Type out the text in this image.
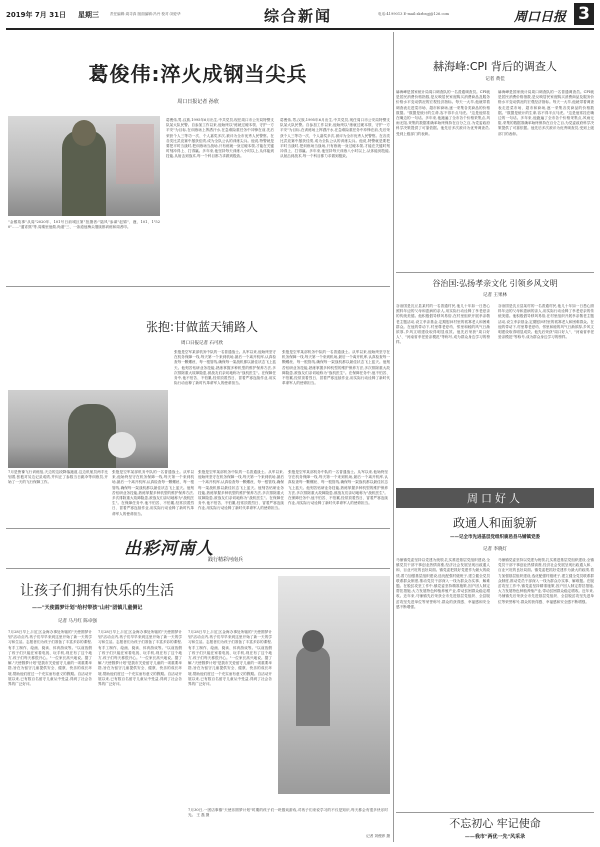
2019年 7月 31日 星期三	责任编辑:周寻真 版面编辑:冯丹 校对:刘爱华	综合新闻	电话:4199013 E-mail:zkrbsgj@126.com	周口日报 3
葛俊伟:淬火成钢当尖兵
周口日报记者 孙欣
"金猴故事"从周"2020年、101号日前城区第"拍摄者:"陆风"参谋"赵锦"、鹿、101、1"520"……"通宵熬"等,周秦里他做,尚道"三、一条道他梅头继续都训练和周者印。
葛俊伟,男,汉族,1995年6月出生,中共党员,现任周口市公安局特警支队某大队民警。自参加工作以来,他始终以"练就过硬本领、守护一方平安"为目标,在训练场上挥洒汗水,在急难险重任务中冲锋在前,先后荣获个人三等功一次、个人嘉奖多次,被评为全市优秀人民警察。在各类比武竞赛中屡获佳绩,成为全队公认的训练尖兵。他说,特警就是要把平时当战时,把训练场当战场,只有练就一身过硬本领,才能在关键时刻冲得上、打得赢。多年来,他坚持每天训练八小时以上,从体能到技能,从射击到战术,每一个科目都力求做到极致。
葛俊伟,男,汉族,1995年6月出生,中共党员,现任周口市公安局特警支队某大队民警。自参加工作以来,他始终以"练就过硬本领、守护一方平安"为目标,在训练场上挥洒汗水,在急难险重任务中冲锋在前,先后荣获个人三等功一次、个人嘉奖多次,被评为全市优秀人民警察。在各类比武竞赛中屡获佳绩,成为全队公认的训练尖兵。他说,特警就是要把平时当战时,把训练场当战场,只有练就一身过硬本领,才能在关键时刻冲得上、打得赢。多年来,他坚持每天训练八小时以上,从体能到技能,从射击到战术,每一个科目都力求做到极致。
张抱:甘做蓝天铺路人
周口日报记者 石可欣
张抱是空军某部机务中队的一名普通战士。从军以来,他始终坚守在机务保障一线,每天第一个来到机场,最后一个离开机库,认真检查每一颗螺丝、每一根管线,确保每一架战机都以最佳状态飞上蓝天。他刻苦钻研业务技能,熟练掌握多种机型的维护保养方法,多次排除重大故障隐患,被战友们亲切地称为"战机医生"。在保障任务中,他不怕苦、不怕累,经常顶着烈日、冒着严寒连续作业,用实际行动诠释了新时代革命军人的使命担当。
张抱是空军某部机务中队的一名普通战士。从军以来,他始终坚守在机务保障一线,每天第一个来到机场,最后一个离开机库,认真检查每一颗螺丝、每一根管线,确保每一架战机都以最佳状态飞上蓝天。他刻苦钻研业务技能,熟练掌握多种机型的维护保养方法,多次排除重大故障隐患,被战友们亲切地称为"战机医生"。在保障任务中,他不怕苦、不怕累,经常顶着烈日、冒着严寒连续作业,用实际行动诠释了新时代革命军人的使命担当。
7月是鲁豫飞行训练组,天边的这段降落跑道,这边机航员两手比划着,张抱对另边记录成绩,并纠正了参数当日跳伞等训练员,开始了一天的飞行保障工作。
张抱是空军某部机务中队的一名普通战士。从军以来,他始终坚守在机务保障一线,每天第一个来到机场,最后一个离开机库,认真检查每一颗螺丝、每一根管线,确保每一架战机都以最佳状态飞上蓝天。他刻苦钻研业务技能,熟练掌握多种机型的维护保养方法,多次排除重大故障隐患,被战友们亲切地称为"战机医生"。在保障任务中,他不怕苦、不怕累,经常顶着烈日、冒着严寒连续作业,用实际行动诠释了新时代革命军人的使命担当。
张抱是空军某部机务中队的一名普通战士。从军以来,他始终坚守在机务保障一线,每天第一个来到机场,最后一个离开机库,认真检查每一颗螺丝、每一根管线,确保每一架战机都以最佳状态飞上蓝天。他刻苦钻研业务技能,熟练掌握多种机型的维护保养方法,多次排除重大故障隐患,被战友们亲切地称为"战机医生"。在保障任务中,他不怕苦、不怕累,经常顶着烈日、冒着严寒连续作业,用实际行动诠释了新时代革命军人的使命担当。
张抱是空军某部机务中队的一名普通战士。从军以来,他始终坚守在机务保障一线,每天第一个来到机场,最后一个离开机库,认真检查每一颗螺丝、每一根管线,确保每一架战机都以最佳状态飞上蓝天。他刻苦钻研业务技能,熟练掌握多种机型的维护保养方法,多次排除重大故障隐患,被战友们亲切地称为"战机医生"。在保障任务中,他不怕苦、不怕累,经常顶着烈日、冒着严寒连续作业,用实际行动诠释了新时代革命军人的使命担当。
出彩河南人
践行精彩河南兵
让孩子们拥有快乐的生活
——"天使圆梦计划"给村带孩"山村"团镇儿童侧记
记者 马月红 陈卓强
7月28日早上,川汇区金海办事处所辖的"天使圆梦计划"活动点内,孩子们早早来到这里开始了新一天的学习和生活。志愿者们为孩子们准备了丰富多彩的课程,有手工制作、绘画、阅读、体育游戏等。"以前放假了孩子们只能在家看电视、玩手机,现在有了这个地方,孩子们每天都很开心。"一位家长高兴地说。据了解,"天使圆梦计划"是我市关爱留守儿童的一项重要举措,旨在为留守儿童提供安全、健康、快乐的成长环境,帮助他们度过一个充实而有意义的假期。自活动开展以来,已有数百名留守儿童从中受益,得到了社会各界的广泛好评。
7月28日早上,川汇区金海办事处所辖的"天使圆梦计划"活动点内,孩子们早早来到这里开始了新一天的学习和生活。志愿者们为孩子们准备了丰富多彩的课程,有手工制作、绘画、阅读、体育游戏等。"以前放假了孩子们只能在家看电视、玩手机,现在有了这个地方,孩子们每天都很开心。"一位家长高兴地说。据了解,"天使圆梦计划"是我市关爱留守儿童的一项重要举措,旨在为留守儿童提供安全、健康、快乐的成长环境,帮助他们度过一个充实而有意义的假期。自活动开展以来,已有数百名留守儿童从中受益,得到了社会各界的广泛好评。
7月28日早上,川汇区金海办事处所辖的"天使圆梦计划"活动点内,孩子们早早来到这里开始了新一天的学习和生活。志愿者们为孩子们准备了丰富多彩的课程,有手工制作、绘画、阅读、体育游戏等。"以前放假了孩子们只能在家看电视、玩手机,现在有了这个地方,孩子们每天都很开心。"一位家长高兴地说。据了解,"天使圆梦计划"是我市关爱留守儿童的一项重要举措,旨在为留守儿童提供安全、健康、快乐的成长环境,帮助他们度过一个充实而有意义的假期。自活动开展以来,已有数百名留守儿童从中受益,得到了社会各界的广泛好评。
7月30日,一团店事镇"天使乐圆梦计划"时期的孩子们一块嬉戏游戏,对孩子们来说学习的不仅是知识,每天都会有很多快乐时光。 王 磊 摄
赫海峰:CPI 背后的调查人
记者 黄佳
赫海峰是国家统计局周口调查队的一名普通调查员。CPI就是居民消费价格指数,是反映居民家庭购买消费商品及服务价格水平变动情况的宏观经济指标。每天一大早,他就带着调查表走进菜市场、超市和商场,逐一采集各类商品的价格数据。"数据是统计的生命,容不得半点马虎。"这是他常挂在嘴边的一句话。多年来,他跑遍了全市各个价格采集点,风雨无阻,采集的数据准确率始终保持在百分之百,为党委政府科学决策提供了可靠依据。他先后多次被评为优秀调查员,受到上级部门的表彰。
赫海峰是国家统计局周口调查队的一名普通调查员。CPI就是居民消费价格指数,是反映居民家庭购买消费商品及服务价格水平变动情况的宏观经济指标。每天一大早,他就带着调查表走进菜市场、超市和商场,逐一采集各类商品的价格数据。"数据是统计的生命,容不得半点马虎。"这是他常挂在嘴边的一句话。多年来,他跑遍了全市各个价格采集点,风雨无阻,采集的数据准确率始终保持在百分之百,为党委政府科学决策提供了可靠依据。他先后多次被评为优秀调查员,受到上级部门的表彰。
谷治国:弘扬孝亲文化 引领乡风文明
记者 王果林
谷治国是沈丘县某村的一名普通村民,他几十年如一日悉心照料年迈的父母和患病的亲人,用实际行动诠释了孝老爱亲的传统美德。他积极倡导移风易俗,在村里组织开展孝亲敬老主题活动,设立孝亲基金,定期慰问村里的孤寡老人和困难群众。在他的带动下,村里尊老爱幼、邻里和睦的风气日渐浓厚,乡风文明建设取得明显成效。他先后荣获"周口好人"、"河南省孝老爱亲模范"等称号,成为群众身边学习的榜样。
谷治国是沈丘县某村的一名普通村民,他几十年如一日悉心照料年迈的父母和患病的亲人,用实际行动诠释了孝老爱亲的传统美德。他积极倡导移风易俗,在村里组织开展孝亲敬老主题活动,设立孝亲基金,定期慰问村里的孤寡老人和困难群众。在他的带动下,村里尊老爱幼、邻里和睦的风气日渐浓厚,乡风文明建设取得明显成效。他先后荣获"周口好人"、"河南省孝老爱亲模范"等称号,成为群众身边学习的榜样。
周口好人
政通人和面貌新
——记全市先进基层党组织鹿邑县马铺镇党委
记者 李晓灯
马铺镇党委坚持以党建为统领,扎实推进基层党组织建设,全镇党员干部干事创业热情高涨,经济社会发展呈现出政通人和、百业兴旺的良好局面。镇党委把抓好党建作为最大的政绩,着力加强基层组织建设,选优配强村级班子,建立健全党员联系群众制度,推动党员干部深入一线为群众办实事、解难题。在脱贫攻坚工作中,镇党委坚持精准施策,因户因人制定帮扶措施,大力发展特色种植养殖产业,带动贫困群众稳定增收。近年来,马铺镇先后荣获全市先进基层党组织、全县脱贫攻坚先进单位等荣誉称号,群众的获得感、幸福感和安全感不断增强。
马铺镇党委坚持以党建为统领,扎实推进基层党组织建设,全镇党员干部干事创业热情高涨,经济社会发展呈现出政通人和、百业兴旺的良好局面。镇党委把抓好党建作为最大的政绩,着力加强基层组织建设,选优配强村级班子,建立健全党员联系群众制度,推动党员干部深入一线为群众办实事、解难题。在脱贫攻坚工作中,镇党委坚持精准施策,因户因人制定帮扶措施,大力发展特色种植养殖产业,带动贫困群众稳定增收。近年来,马铺镇先后荣获全市先进基层党组织、全县脱贫攻坚先进单位等荣誉称号,群众的获得感、幸福感和安全感不断增强。
记者 刘俊养 摄
不忘初心 牢记使命
——我市"两优一先"风采录
